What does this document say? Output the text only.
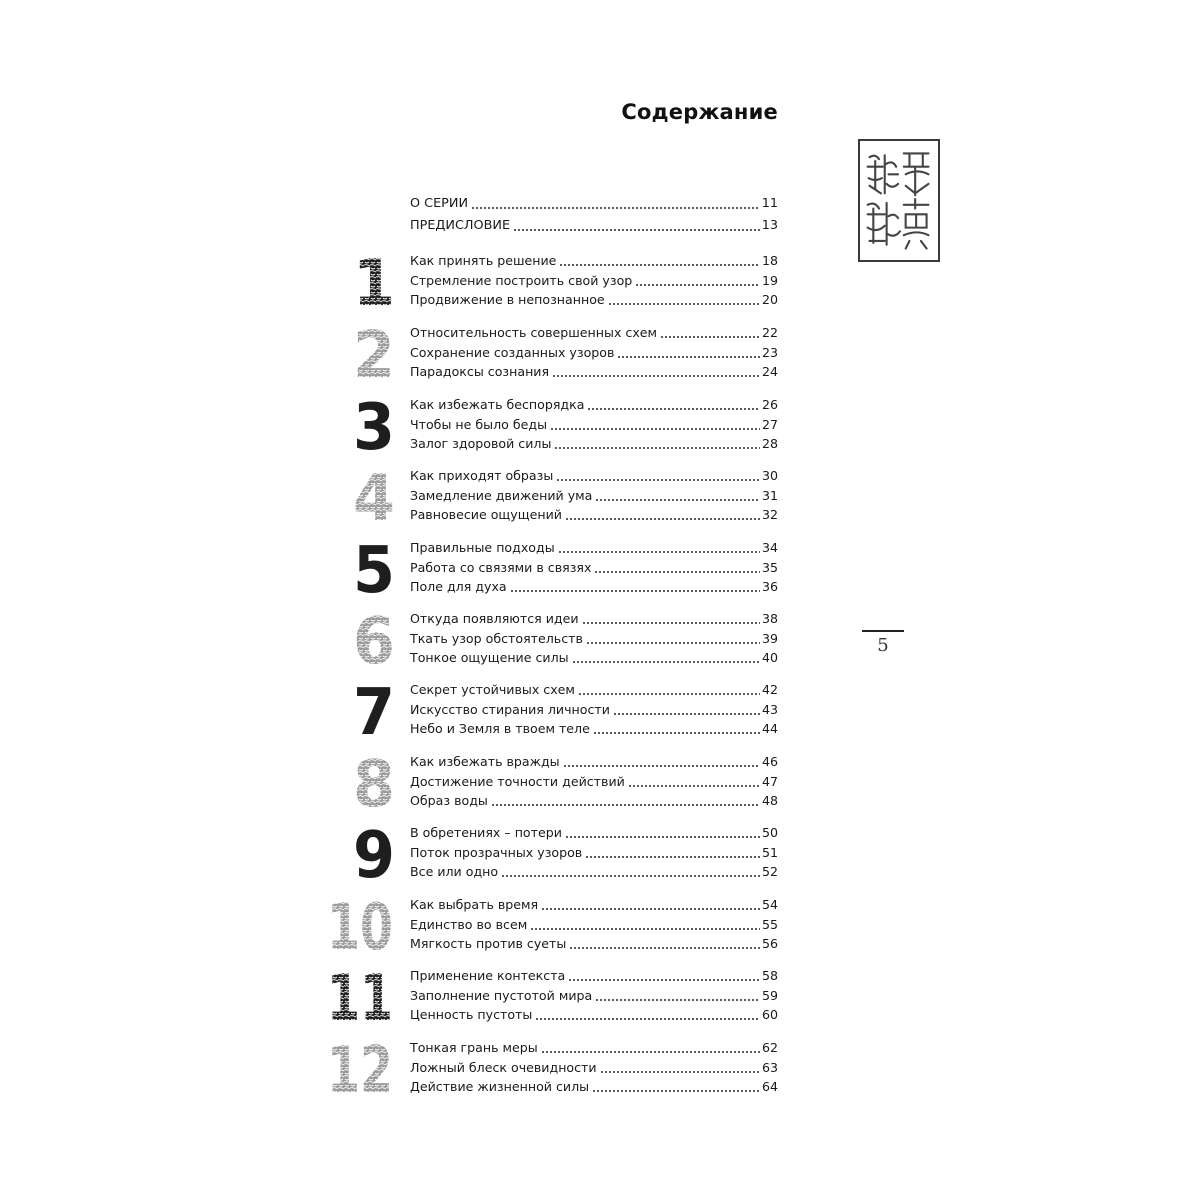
Содержание
5
О СЕРИИ	11
ПРЕДИСЛОВИЕ	13
Как принять решение	18
Стремление построить свой узор	19
Продвижение в непознанное	20
1
Относительность совершенных схем	22
Сохранение созданных узоров	23
Парадоксы сознания	24
2
Как избежать беспорядка	26
Чтобы не было беды	27
Залог здоровой силы	28
3
Как приходят образы	30
Замедление движений ума	31
Равновесие ощущений	32
4
Правильные подходы	34
Работа со связями в связях	35
Поле для духа	36
5
Откуда появляются идеи	38
Ткать узор обстоятельств	39
Тонкое ощущение силы	40
6
Секрет устойчивых схем	42
Искусство стирания личности	43
Небо и Земля в твоем теле	44
7
Как избежать вражды	46
Достижение точности действий	47
Образ воды	48
8
В обретениях – потери	50
Поток прозрачных узоров	51
Все или одно	52
9
Как выбрать время	54
Единство во всем	55
Мягкость против суеты	56
10
Применение контекста	58
Заполнение пустотой мира	59
Ценность пустоты	60
11
Тонкая грань меры	62
Ложный блеск очевидности	63
Действие жизненной силы	64
12
